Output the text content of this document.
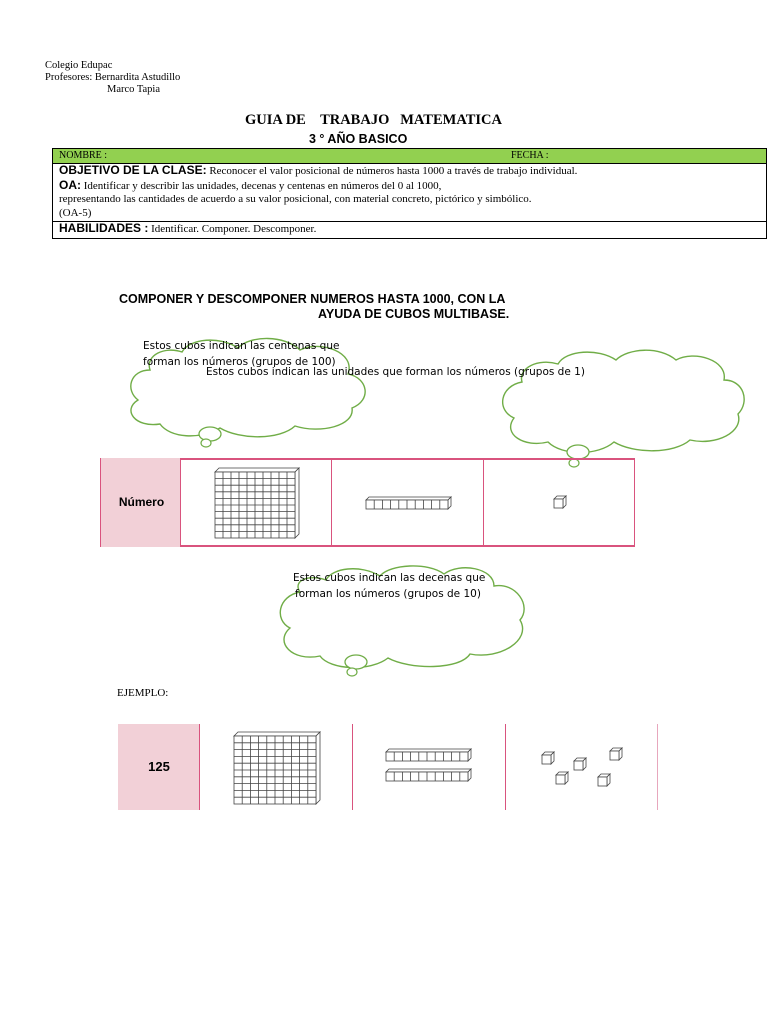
Colegio Edupac
Profesores: Bernardita Astudillo
Marco Tapia
GUIA DE    TRABAJO   MATEMATICA
3 ° AÑO BASICO
NOMBRE :	FECHA :

OBJETIVO DE LA CLASE: Reconocer el valor posicional de números hasta 1000 a través de trabajo individual.
OA: Identificar y describir las unidades, decenas y centenas en números del 0 al 1000,
representando las cantidades de acuerdo a su valor posicional, con material concreto, pictórico y simbólico.
(OA-5)

HABILIDADES : Identificar. Componer. Descomponer.
COMPONER Y DESCOMPONER NUMEROS HASTA 1000, CON LA
AYUDA DE CUBOS MULTIBASE.
Estos cubos indican las centenas que
forman los números (grupos de 100)
Estos cubos indican las unidades que forman los números (grupos de 1)
Número
Estos cubos indican las decenas que
forman los números (grupos de 10)
EJEMPLO:
125
